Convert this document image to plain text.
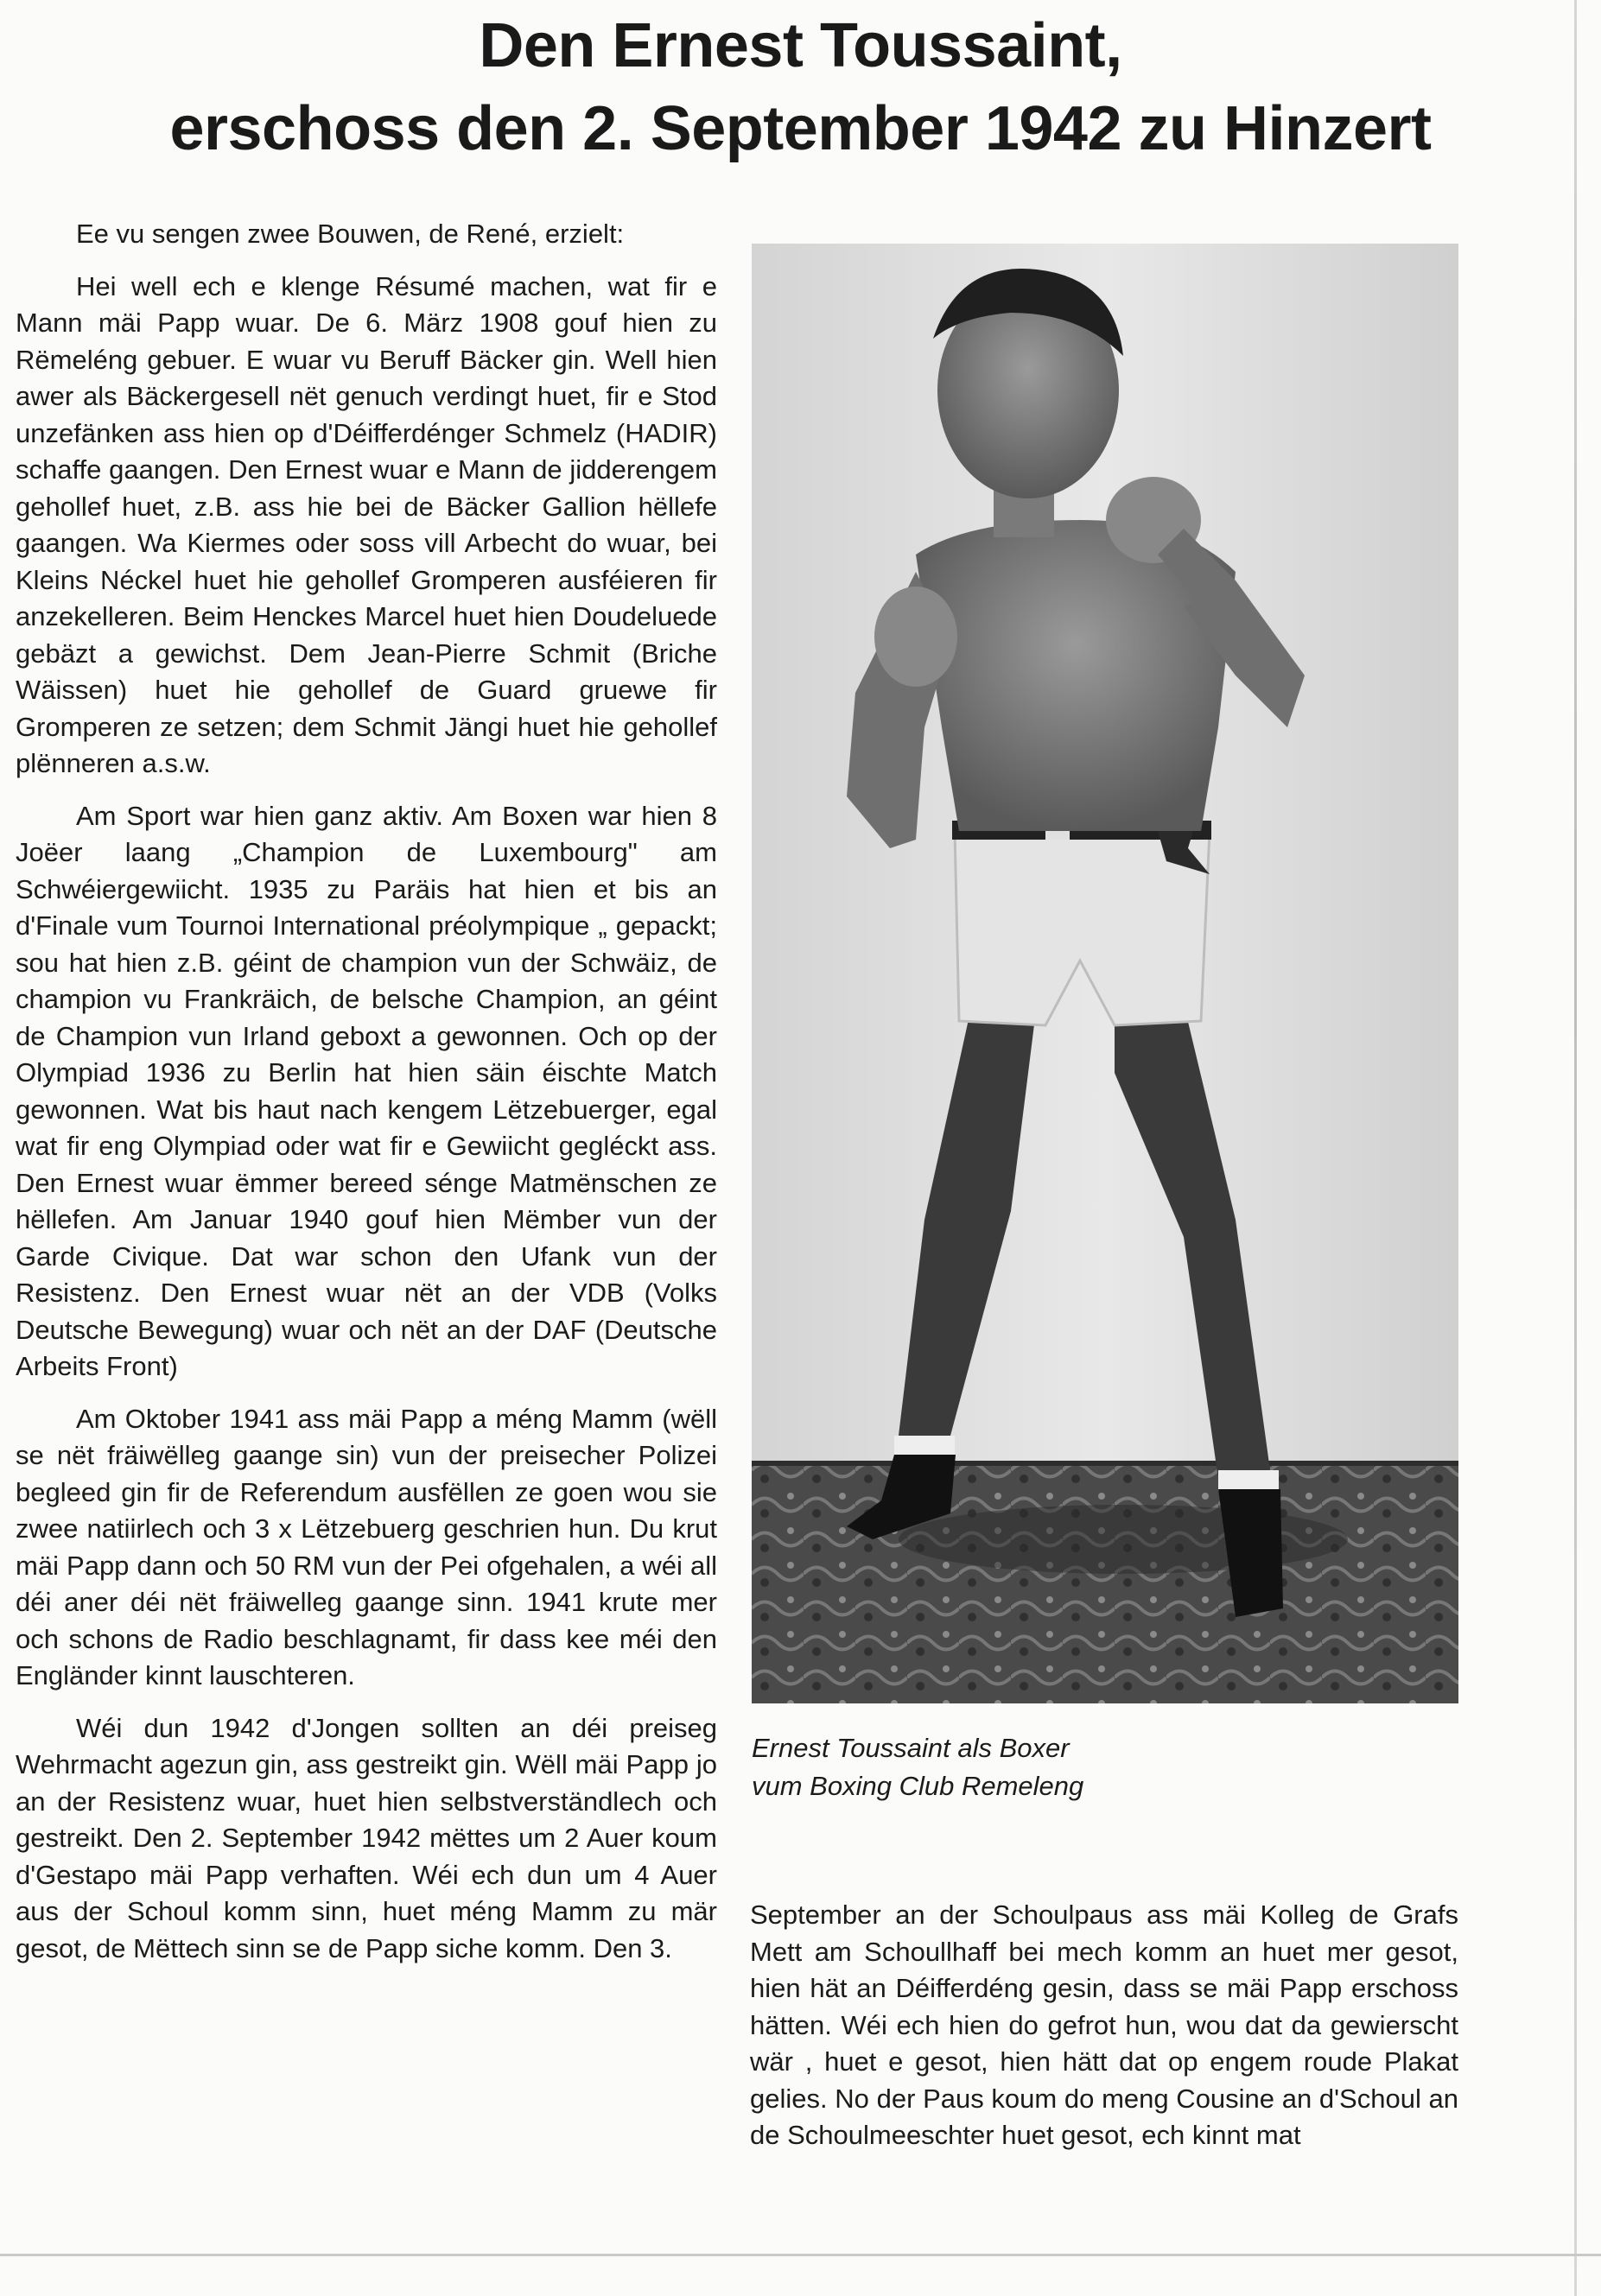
Den Ernest Toussaint,
erschoss den 2. September 1942 zu Hinzert

Ee vu sengen zwee Bouwen, de René, erzielt:

Hei well ech e klenge Résumé machen, wat fir e Mann mäi Papp wuar. De 6. März 1908 gouf hien zu Rëmeléng gebuer. E wuar vu Beruff Bäcker gin. Well hien awer als Bäckergesell nët genuch verdingt huet, fir e Stod unzefänken ass hien op d'Déifferdénger Schmelz (HADIR) schaffe gaangen. Den Ernest wuar e Mann de jidderengem gehollef huet, z.B. ass hie bei de Bäcker Gallion hëllefe gaangen. Wa Kiermes oder soss vill Arbecht do wuar, bei Kleins Néckel huet hie gehollef Gromperen ausféieren fir anzekelleren. Beim Henckes Marcel huet hien Doudeluede gebäzt a gewichst. Dem Jean-Pierre Schmit (Briche Wäissen) huet hie gehollef de Guard gruewe fir Gromperen ze setzen; dem Schmit Jängi huet hie gehollef plënneren a.s.w.

Am Sport war hien ganz aktiv. Am Boxen war hien 8 Joëer laang „Champion de Luxembourg" am Schwéiergewiicht. 1935 zu Paräis hat hien et bis an d'Finale vum Tournoi International préolympique „ gepackt; sou hat hien z.B. géint de champion vun der Schwäiz, de champion vu Frankräich, de belsche Champion, an géint de Champion vun Irland geboxt a gewonnen. Och op der Olympiad 1936 zu Berlin hat hien säin éischte Match gewonnen. Wat bis haut nach kengem Lëtzebuerger, egal wat fir eng Olympiad oder wat fir e Gewiicht gegléckt ass. Den Ernest wuar ëmmer bereed sénge Matmënschen ze hëllefen. Am Januar 1940 gouf hien Mëmber vun der Garde Civique. Dat war schon den Ufank vun der Resistenz. Den Ernest wuar nët an der VDB (Volks Deutsche Bewegung) wuar och nët an der DAF (Deutsche Arbeits Front)

Am Oktober 1941 ass mäi Papp a méng Mamm (wëll se nët fräiwëlleg gaange sin) vun der preisecher Polizei begleed gin fir de Referendum ausfëllen ze goen wou sie zwee natiirlech och 3 x Lëtzebuerg geschrien hun. Du krut mäi Papp dann och 50 RM vun der Pei ofgehalen, a wéi all déi aner déi nët fräiwelleg gaange sinn. 1941 krute mer och schons de Radio beschlagnamt, fir dass kee méi den Engländer kinnt lauschteren.

Wéi dun 1942 d'Jongen sollten an déi preiseg Wehrmacht agezun gin, ass gestreikt gin. Wëll mäi Papp jo an der Resistenz wuar, huet hien selbstverständlech och gestreikt. Den 2. September 1942 mëttes um 2 Auer koum d'Gestapo mäi Papp verhaften. Wéi ech dun um 4 Auer aus der Schoul komm sinn, huet méng Mamm zu mär gesot, de Mëttech sinn se de Papp siche komm. Den 3.

Ernest Toussaint als Boxer
vum Boxing Club Remeleng

September an der Schoulpaus ass mäi Kolleg de Grafs Mett am Schoullhaff bei mech komm an huet mer gesot, hien hät an Déifferdéng gesin, dass se mäi Papp erschoss hätten. Wéi ech hien do gefrot hun, wou dat da gewierscht wär , huet e gesot, hien hätt dat op engem roude Plakat gelies. No der Paus koum do meng Cousine an d'Schoul an de Schoulmeeschter huet gesot, ech kinnt mat
